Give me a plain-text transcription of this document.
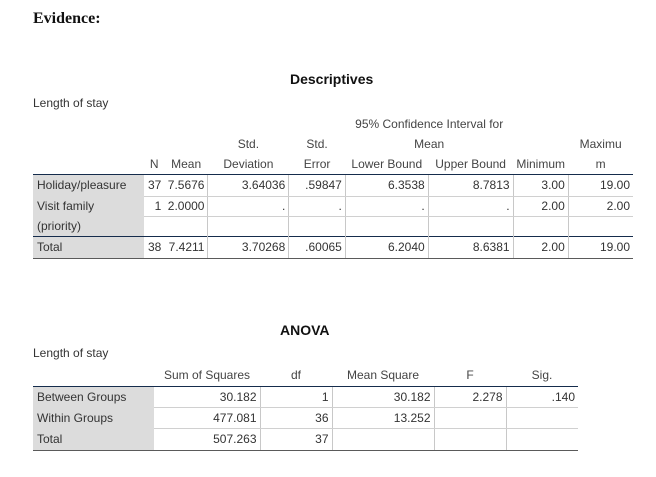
Evidence:
Descriptives
Length of stay
					95% Confidence Interval for			
			Std.	Std.	Mean			Maximu
	N	Mean	Deviation	Error	Lower Bound	Upper Bound	Minimum	m
Holiday/pleasure	37	7.5676	3.64036	.59847	6.3538	8.7813	3.00	19.00
Visit family	1	2.0000	.	.	.	.	2.00	2.00
(priority)								
Total	38	7.4211	3.70268	.60065	6.2040	8.6381	2.00	19.00
ANOVA
Length of stay
	Sum of Squares	df	Mean Square	F	Sig.
Between Groups	30.182	1	30.182	2.278	.140
Within Groups	477.081	36	13.252		
Total	507.263	37			
